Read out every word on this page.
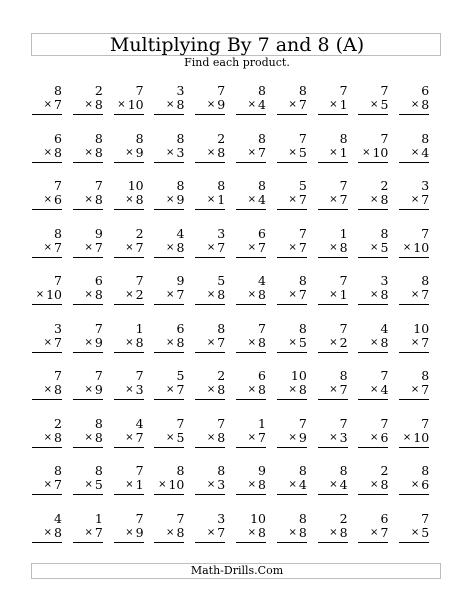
Multiplying By 7 and 8 (A)
Find each product.
8
× 7
2
× 8
7
× 10
3
× 8
7
× 9
8
× 4
8
× 7
7
× 1
7
× 5
6
× 8
6
× 8
8
× 8
8
× 9
8
× 3
2
× 8
8
× 7
7
× 5
8
× 1
7
× 10
8
× 4
7
× 6
7
× 8
10
× 8
8
× 9
8
× 1
8
× 4
5
× 7
7
× 7
2
× 8
3
× 7
8
× 7
9
× 7
2
× 7
4
× 8
3
× 7
6
× 7
7
× 7
1
× 8
8
× 5
7
× 10
7
× 10
6
× 8
7
× 2
9
× 7
5
× 8
4
× 8
8
× 7
7
× 1
3
× 8
8
× 7
3
× 7
7
× 9
1
× 8
6
× 8
8
× 7
7
× 8
8
× 5
7
× 2
4
× 8
10
× 7
7
× 8
7
× 9
7
× 3
5
× 7
2
× 8
6
× 8
10
× 8
8
× 7
7
× 4
8
× 7
2
× 8
8
× 8
4
× 7
7
× 5
7
× 8
1
× 7
7
× 9
7
× 3
7
× 6
7
× 10
8
× 7
8
× 5
7
× 1
8
× 10
8
× 3
9
× 8
8
× 4
8
× 4
2
× 8
8
× 6
4
× 8
1
× 7
7
× 9
7
× 8
3
× 7
10
× 8
8
× 8
2
× 8
6
× 7
7
× 5
Math-Drills.Com
